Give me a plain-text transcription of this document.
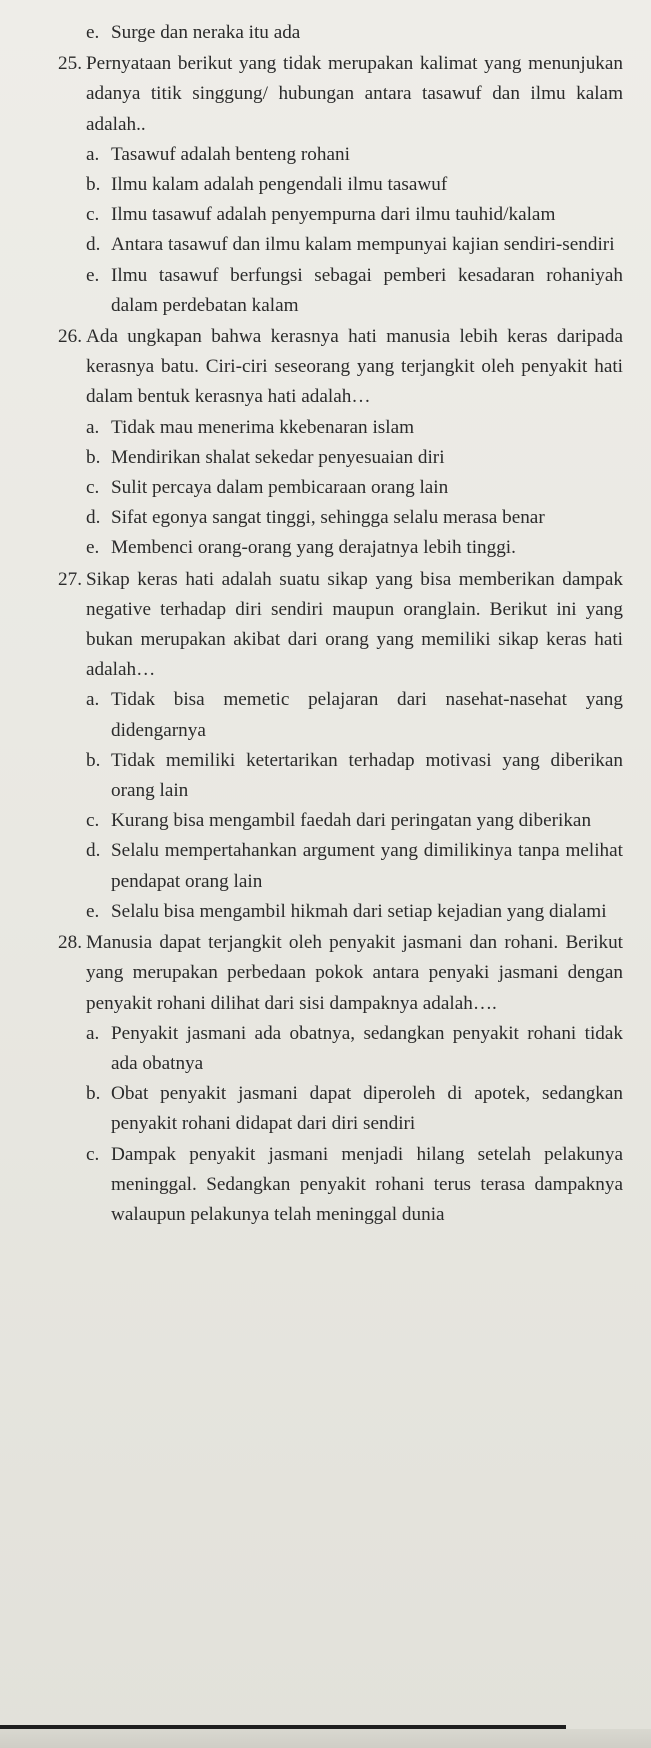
e. Surge dan neraka itu ada
25. Pernyataan berikut yang tidak merupakan kalimat yang menunjukan adanya titik singgung/ hubungan antara tasawuf dan ilmu kalam adalah..
a. Tasawuf adalah benteng rohani
b. Ilmu kalam adalah pengendali ilmu tasawuf
c. Ilmu tasawuf adalah penyempurna dari ilmu tauhid/kalam
d. Antara tasawuf dan ilmu kalam mempunyai kajian sendiri-sendiri
e. Ilmu tasawuf berfungsi sebagai pemberi kesadaran rohaniyah dalam perdebatan kalam
26. Ada ungkapan bahwa kerasnya hati manusia lebih keras daripada kerasnya batu. Ciri-ciri seseorang yang terjangkit oleh penyakit hati dalam bentuk kerasnya hati adalah…
a. Tidak mau menerima kkebenaran islam
b. Mendirikan shalat sekedar penyesuaian diri
c. Sulit percaya dalam pembicaraan orang lain
d. Sifat egonya sangat tinggi, sehingga selalu merasa benar
e. Membenci orang-orang yang derajatnya lebih tinggi.
27. Sikap keras hati adalah suatu sikap yang bisa memberikan dampak negative terhadap diri sendiri maupun oranglain. Berikut ini yang bukan merupakan akibat dari orang yang memiliki sikap keras hati adalah…
a. Tidak bisa memetic pelajaran dari nasehat-nasehat yang didengarnya
b. Tidak memiliki ketertarikan terhadap motivasi yang diberikan orang lain
c. Kurang bisa mengambil faedah dari peringatan yang diberikan
d. Selalu mempertahankan argument yang dimilikinya tanpa melihat pendapat orang lain
e. Selalu bisa mengambil hikmah dari setiap kejadian yang dialami
28. Manusia dapat terjangkit oleh penyakit jasmani dan rohani. Berikut yang merupakan perbedaan pokok antara penyaki jasmani dengan penyakit rohani dilihat dari sisi dampaknya adalah….
a. Penyakit jasmani ada obatnya, sedangkan penyakit rohani tidak ada obatnya
b. Obat penyakit jasmani dapat diperoleh di apotek, sedangkan penyakit rohani didapat dari diri sendiri
c. Dampak penyakit jasmani menjadi hilang setelah pelakunya meninggal. Sedangkan penyakit rohani terus terasa dampaknya walaupun pelakunya telah meninggal dunia
